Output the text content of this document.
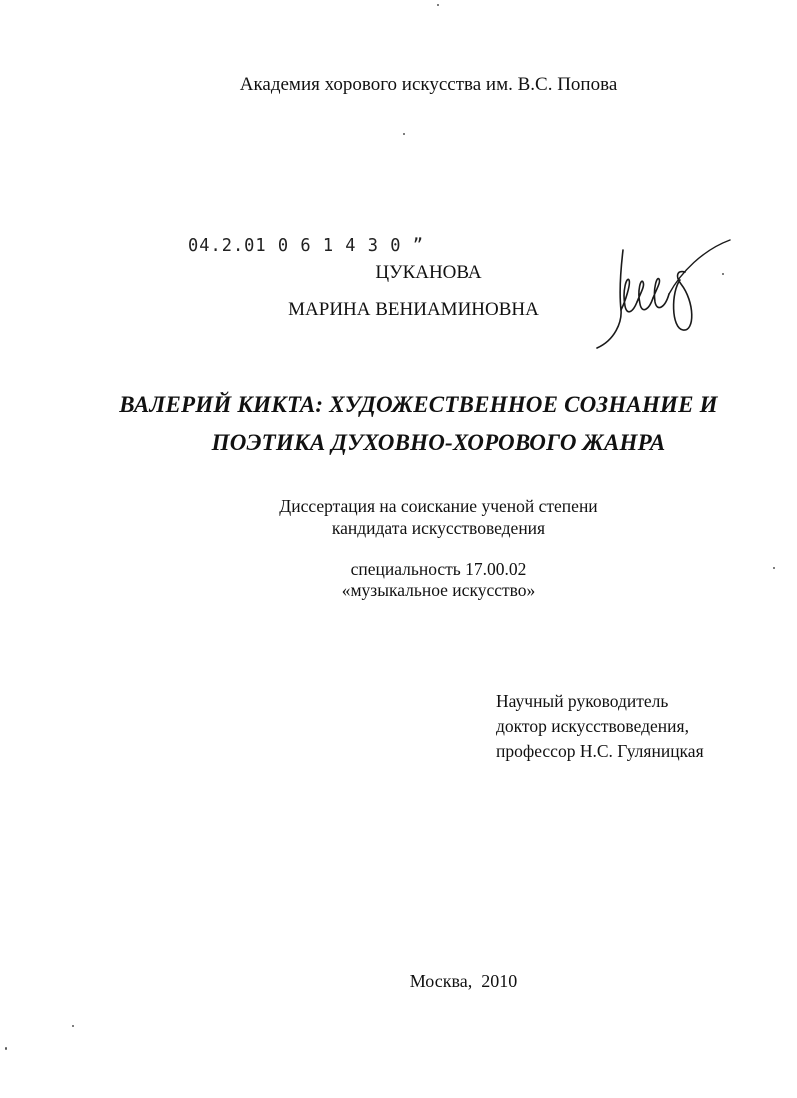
Академия хорового искусства им. В.С. Попова
04.2.01 0 6 1 4 3 0 ˮ
ЦУКАНОВА
МАРИНА ВЕНИАМИНОВНА
ВАЛЕРИЙ КИКТА: ХУДОЖЕСТВЕННОЕ СОЗНАНИЕ И
ПОЭТИКА ДУХОВНО-ХОРОВОГО ЖАНРА
Диссертация на соискание ученой степени
кандидата искусствоведения
специальность 17.00.02
«музыкальное искусство»
Научный руководитель
доктор искусствоведения,
профессор Н.С. Гуляницкая
Москва,  2010
